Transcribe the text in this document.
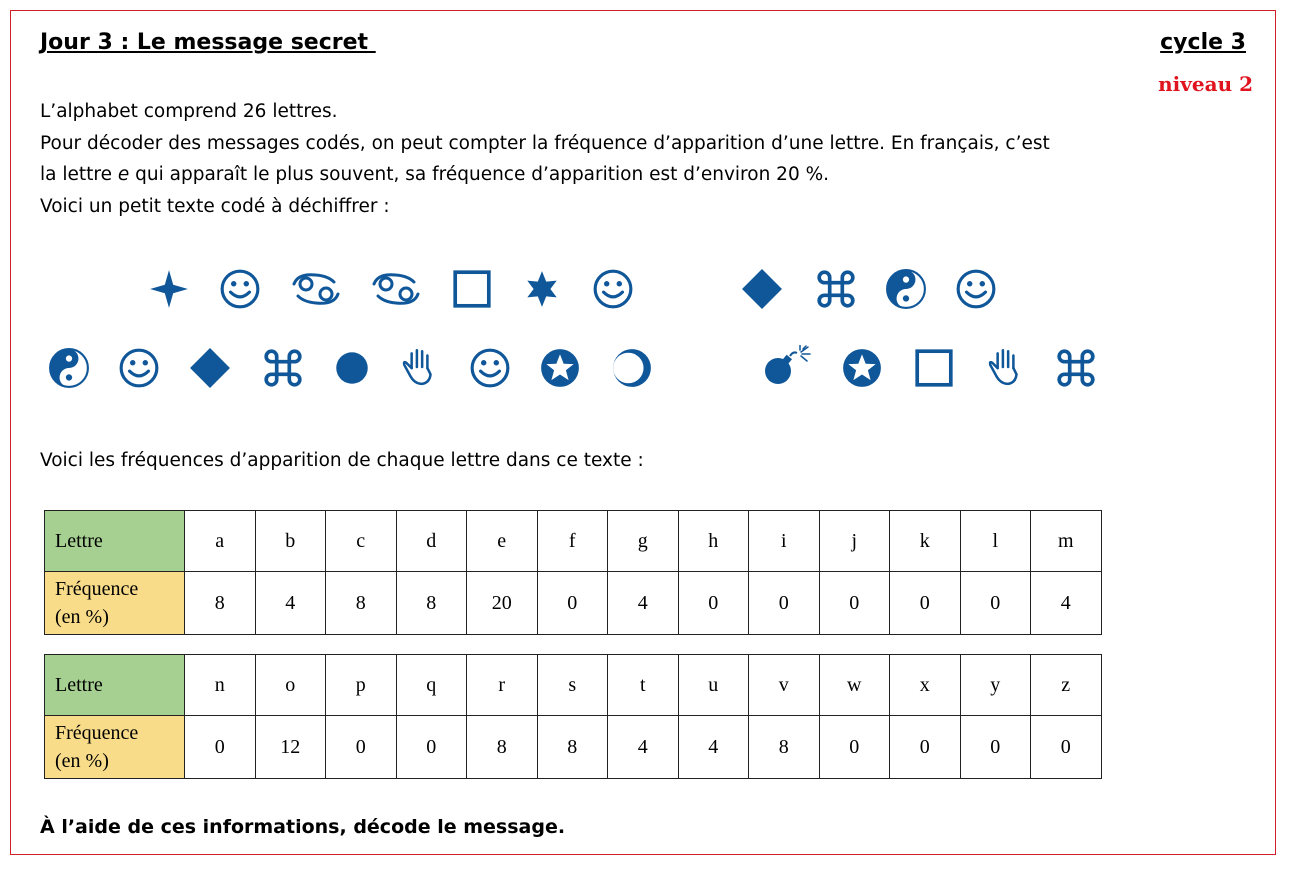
Jour 3 : Le message secret	cycle 3
niveau 2
L’alphabet comprend 26 lettres.
Pour décoder des messages codés, on peut compter la fréquence d’apparition d’une lettre. En français, c’est
la lettre e qui apparaît le plus souvent, sa fréquence d’apparition est d’environ 20 %.
Voici un petit texte codé à déchiffrer :
Voici les fréquences d’apparition de chaque lettre dans ce texte :
Lettre	a	b	c	d	e	f	g	h	i	j	k	l	m
Fréquence
(en %)	8	4	8	8	20	0	4	0	0	0	0	0	4
Lettre	n	o	p	q	r	s	t	u	v	w	x	y	z
Fréquence
(en %)	0	12	0	0	8	8	4	4	8	0	0	0	0
À l’aide de ces informations, décode le message.
